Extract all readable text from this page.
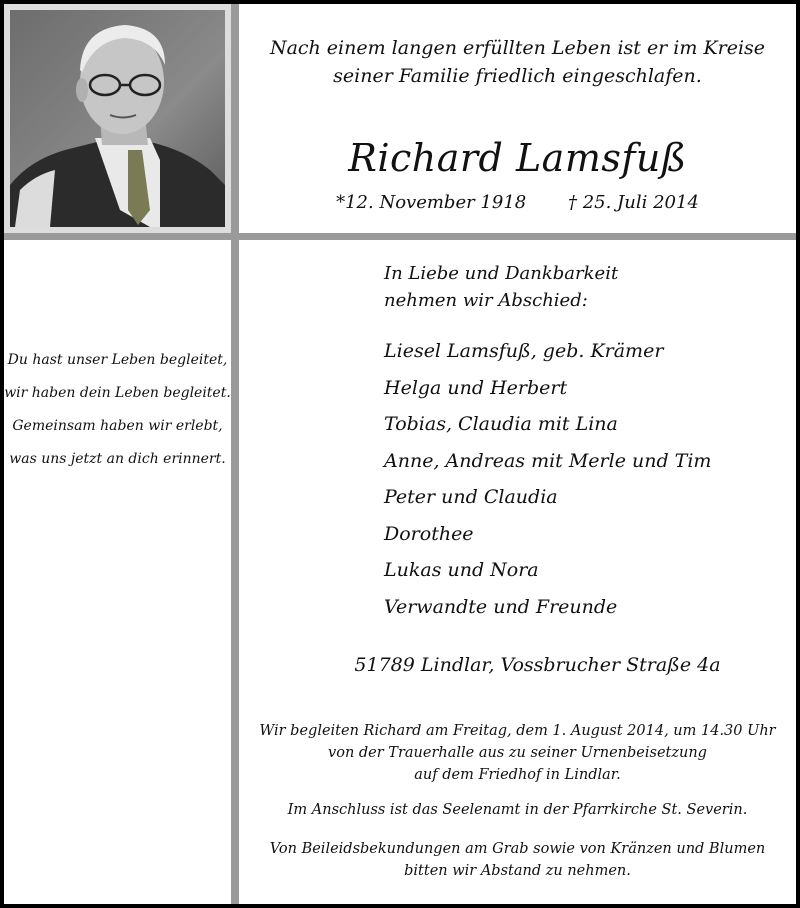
Nach einem langen erfüllten Leben ist er im Kreise
seiner Familie friedlich eingeschlafen.
Richard Lamsfuß
*12. November 1918 † 25. Juli 2014
Du hast unser Leben begleitet,
wir haben dein Leben begleitet.
Gemeinsam haben wir erlebt,
was uns jetzt an dich erinnert.
In Liebe und Dankbarkeit
nehmen wir Abschied:
Liesel Lamsfuß, geb. Krämer
Helga und Herbert
Tobias, Claudia mit Lina
Anne, Andreas mit Merle und Tim
Peter und Claudia
Dorothee
Lukas und Nora
Verwandte und Freunde
51789 Lindlar, Vossbrucher Straße 4a
Wir begleiten Richard am Freitag, dem 1. August 2014, um 14.30 Uhr
von der Trauerhalle aus zu seiner Urnenbeisetzung
auf dem Friedhof in Lindlar.
Im Anschluss ist das Seelenamt in der Pfarrkirche St. Severin.
Von Beileidsbekundungen am Grab sowie von Kränzen und Blumen
bitten wir Abstand zu nehmen.
